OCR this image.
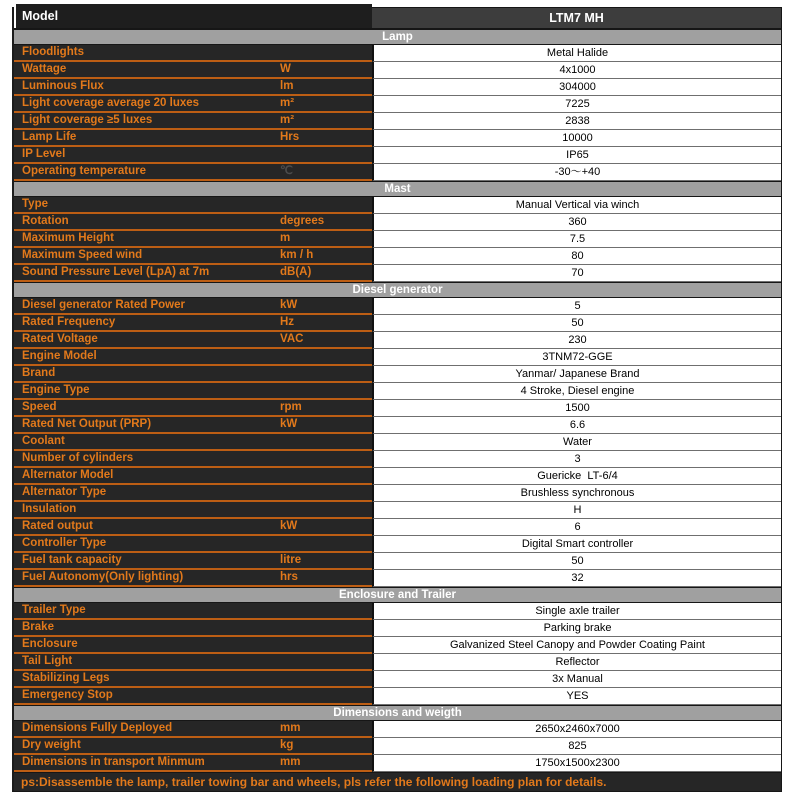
Model	LTM7 MH
Lamp
Floodlights	Metal Halide
Wattage	W	4x1000
Luminous Flux	lm	304000
Light coverage average 20 luxes	m²	7225
Light coverage ≥5 luxes	m²	2838
Lamp Life	Hrs	10000
IP Level	IP65
Operating temperature	℃	-30～+40
Mast
Type	Manual Vertical via winch
Rotation	degrees	360
Maximum Height	m	7.5
Maximum Speed wind	km / h	80
Sound Pressure Level (LpA) at 7m	dB(A)	70
Diesel generator
Diesel generator Rated Power	kW	5
Rated Frequency	Hz	50
Rated Voltage	VAC	230
Engine Model	3TNM72-GGE
Brand	Yanmar/ Japanese Brand
Engine Type	4 Stroke, Diesel engine
Speed	rpm	1500
Rated Net Output (PRP)	kW	6.6
Coolant	Water
Number of cylinders	3
Alternator Model	Guericke  LT-6/4
Alternator Type	Brushless synchronous
Insulation	H
Rated output	kW	6
Controller Type	Digital Smart controller
Fuel tank capacity	litre	50
Fuel Autonomy(Only lighting)	hrs	32
Enclosure and Trailer
Trailer Type	Single axle trailer
Brake	Parking brake
Enclosure	Galvanized Steel Canopy and Powder Coating Paint
Tail Light	Reflector
Stabilizing Legs	3x Manual
Emergency Stop	YES
Dimensions and weigth
Dimensions Fully Deployed	mm	2650x2460x7000
Dry weight	kg	825
Dimensions in transport Minmum	mm	1750x1500x2300
ps:Disassemble the lamp, trailer towing bar and wheels, pls refer the following loading plan for details.
